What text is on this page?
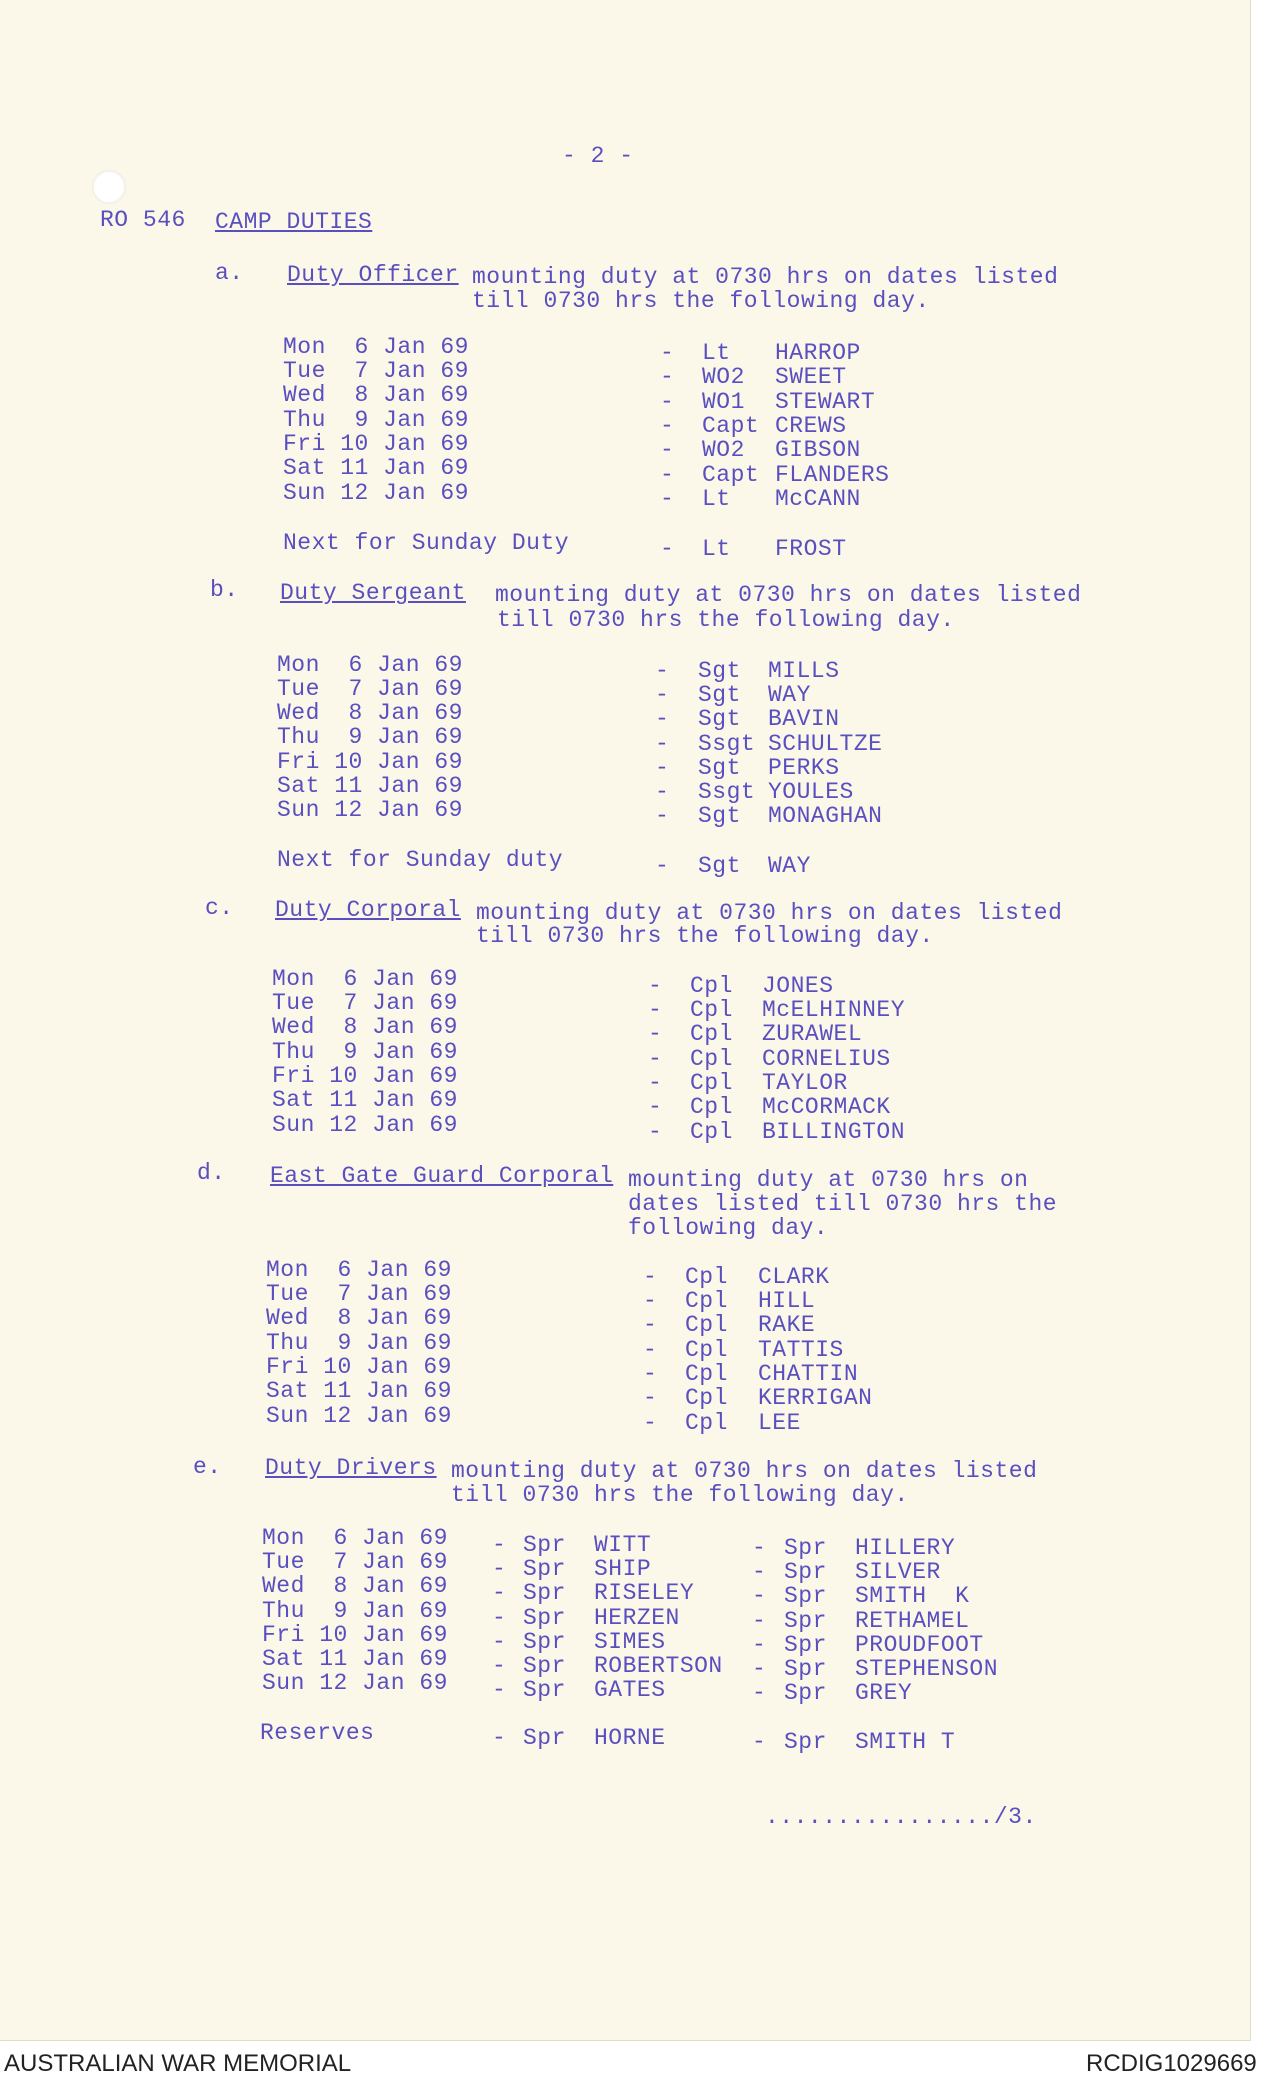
- 2 -
RO 546 CAMP DUTIES
a. Duty Officer mounting duty at 0730 hrs on dates listed
till 0730 hrs the following day.
Mon  6 Jan 69	- Lt HARROP
Tue  7 Jan 69	- WO2 SWEET
Wed  8 Jan 69	- WO1 STEWART
Thu  9 Jan 69	- Capt CREWS
Fri 10 Jan 69	- WO2 GIBSON
Sat 11 Jan 69	- Capt FLANDERS
Sun 12 Jan 69	- Lt McCANN
Next for Sunday Duty	- Lt FROST
b. Duty Sergeant mounting duty at 0730 hrs on dates listed
till 0730 hrs the following day.
Mon  6 Jan 69	- Sgt MILLS
Tue  7 Jan 69	- Sgt WAY
Wed  8 Jan 69	- Sgt BAVIN
Thu  9 Jan 69	- Ssgt SCHULTZE
Fri 10 Jan 69	- Sgt PERKS
Sat 11 Jan 69	- Ssgt YOULES
Sun 12 Jan 69	- Sgt MONAGHAN
Next for Sunday duty	- Sgt WAY
c. Duty Corporal mounting duty at 0730 hrs on dates listed
till 0730 hrs the following day.
Mon  6 Jan 69	- Cpl JONES
Tue  7 Jan 69	- Cpl McELHINNEY
Wed  8 Jan 69	- Cpl ZURAWEL
Thu  9 Jan 69	- Cpl CORNELIUS
Fri 10 Jan 69	- Cpl TAYLOR
Sat 11 Jan 69	- Cpl McCORMACK
Sun 12 Jan 69	- Cpl BILLINGTON
d. East Gate Guard Corporal mounting duty at 0730 hrs on
dates listed till 0730 hrs the
following day.
Mon  6 Jan 69	- Cpl CLARK
Tue  7 Jan 69	- Cpl HILL
Wed  8 Jan 69	- Cpl RAKE
Thu  9 Jan 69	- Cpl TATTIS
Fri 10 Jan 69	- Cpl CHATTIN
Sat 11 Jan 69	- Cpl KERRIGAN
Sun 12 Jan 69	- Cpl LEE
e. Duty Drivers mounting duty at 0730 hrs on dates listed
till 0730 hrs the following day.
Mon  6 Jan 69 - Spr WITT	- Spr HILLERY
Tue  7 Jan 69 - Spr SHIP	- Spr SILVER
Wed  8 Jan 69 - Spr RISELEY	- Spr SMITH  K
Thu  9 Jan 69 - Spr HERZEN	- Spr RETHAMEL
Fri 10 Jan 69 - Spr SIMES	- Spr PROUDFOOT
Sat 11 Jan 69 - Spr ROBERTSON - Spr STEPHENSON
Sun 12 Jan 69 - Spr GATES	- Spr GREY
Reserves	- Spr HORNE	- Spr SMITH T
................/3.
AUSTRALIAN WAR MEMORIAL	RCDIG1029669
